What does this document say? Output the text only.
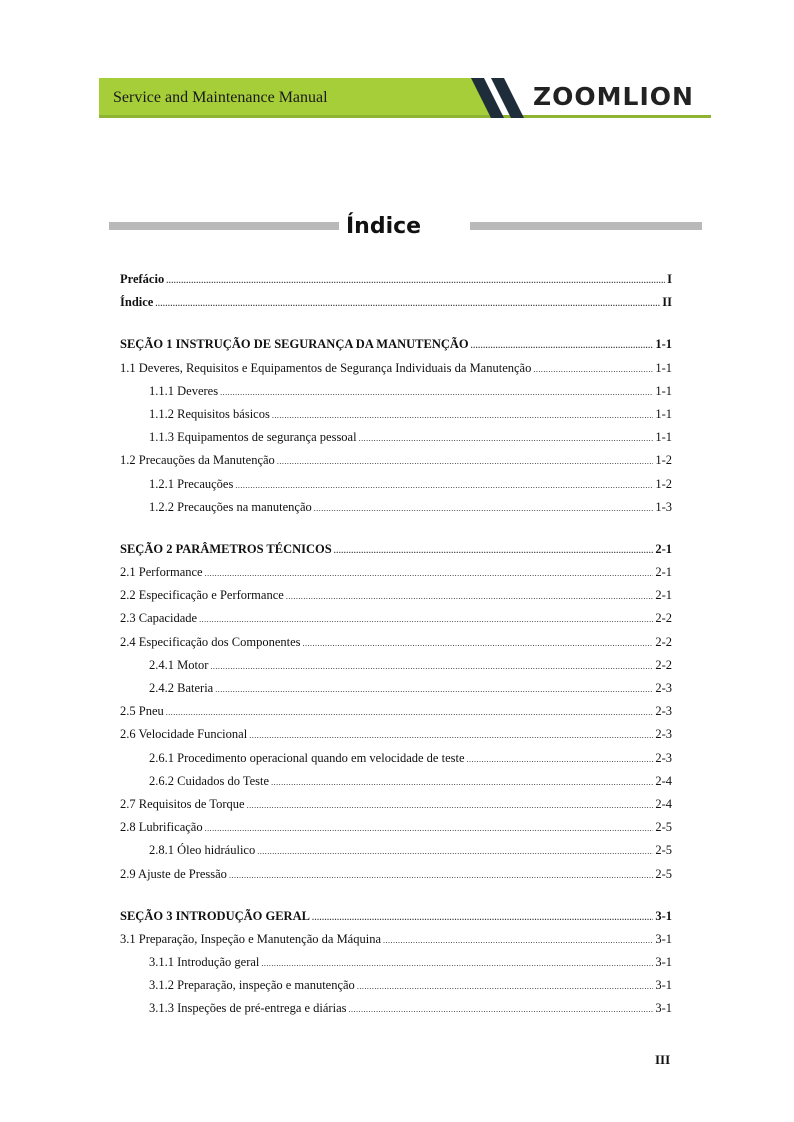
Service and Maintenance Manual	ZOOMLION
Índice
Prefácio .....	I
Índice .....	II
SEÇÃO 1 INSTRUÇÃO DE SEGURANÇA DA MANUTENÇÃO .....	1-1
1.1 Deveres, Requisitos e Equipamentos de Segurança Individuais da Manutenção .....	1-1
1.1.1 Deveres .....	1-1
1.1.2 Requisitos básicos .....	1-1
1.1.3 Equipamentos de segurança pessoal .....	1-1
1.2 Precauções da Manutenção .....	1-2
1.2.1 Precauções .....	1-2
1.2.2 Precauções na manutenção .....	1-3
SEÇÃO 2 PARÂMETROS TÉCNICOS .....	2-1
2.1 Performance .....	2-1
2.2 Especificação e Performance .....	2-1
2.3 Capacidade .....	2-2
2.4 Especificação dos Componentes .....	2-2
2.4.1 Motor .....	2-2
2.4.2 Bateria .....	2-3
2.5 Pneu .....	2-3
2.6 Velocidade Funcional .....	2-3
2.6.1 Procedimento operacional quando em velocidade de teste .....	2-3
2.6.2 Cuidados do Teste .....	2-4
2.7 Requisitos de Torque .....	2-4
2.8 Lubrificação .....	2-5
2.8.1 Óleo hidráulico .....	2-5
2.9 Ajuste de Pressão .....	2-5
SEÇÃO 3 INTRODUÇÃO GERAL .....	3-1
3.1 Preparação, Inspeção e Manutenção da Máquina .....	3-1
3.1.1 Introdução geral .....	3-1
3.1.2 Preparação, inspeção e manutenção .....	3-1
3.1.3 Inspeções de pré-entrega e diárias .....	3-1
III
